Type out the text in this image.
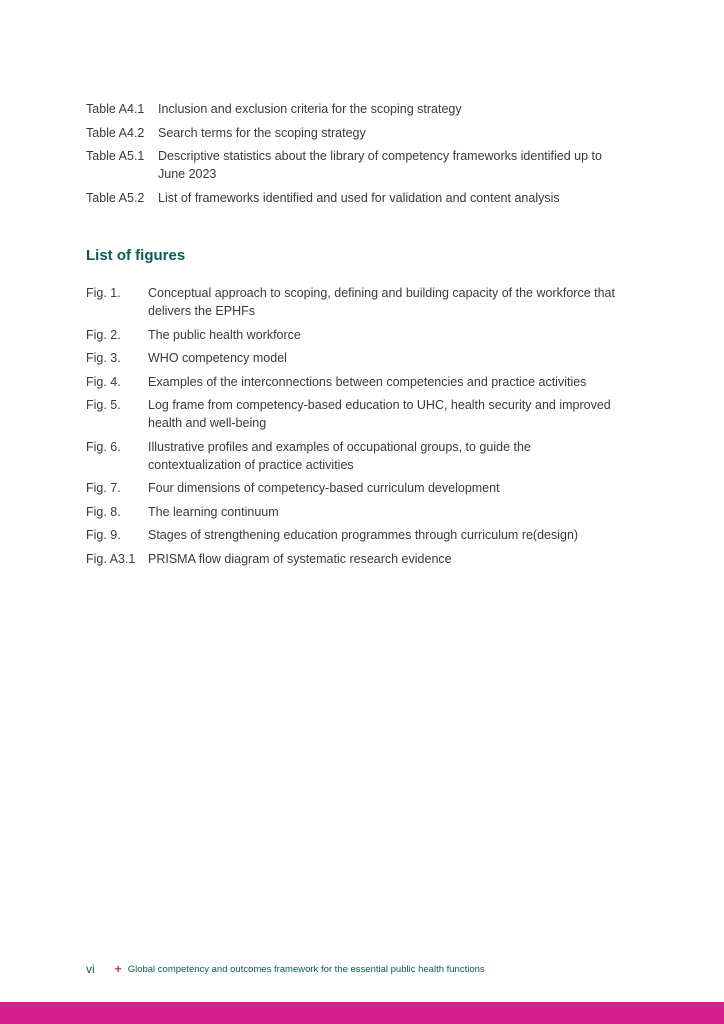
Table A4.1	Inclusion and exclusion criteria for the scoping strategy
Table A4.2	Search terms for the scoping strategy
Table A5.1	Descriptive statistics about the library of competency frameworks identified up to June 2023
Table A5.2	List of frameworks identified and used for validation and content analysis
List of figures
Fig. 1.	Conceptual approach to scoping, defining and building capacity of the workforce that delivers the EPHFs
Fig. 2.	The public health workforce
Fig. 3.	WHO competency model
Fig. 4.	Examples of the interconnections between competencies and practice activities
Fig. 5.	Log frame from competency-based education to UHC, health security and improved health and well-being
Fig. 6.	Illustrative profiles and examples of occupational groups, to guide the contextualization of practice activities
Fig. 7.	Four dimensions of competency-based curriculum development
Fig. 8.	The learning continuum
Fig. 9.	Stages of strengthening education programmes through curriculum re(design)
Fig. A3.1	PRISMA flow diagram of systematic research evidence
vi + Global competency and outcomes framework for the essential public health functions
